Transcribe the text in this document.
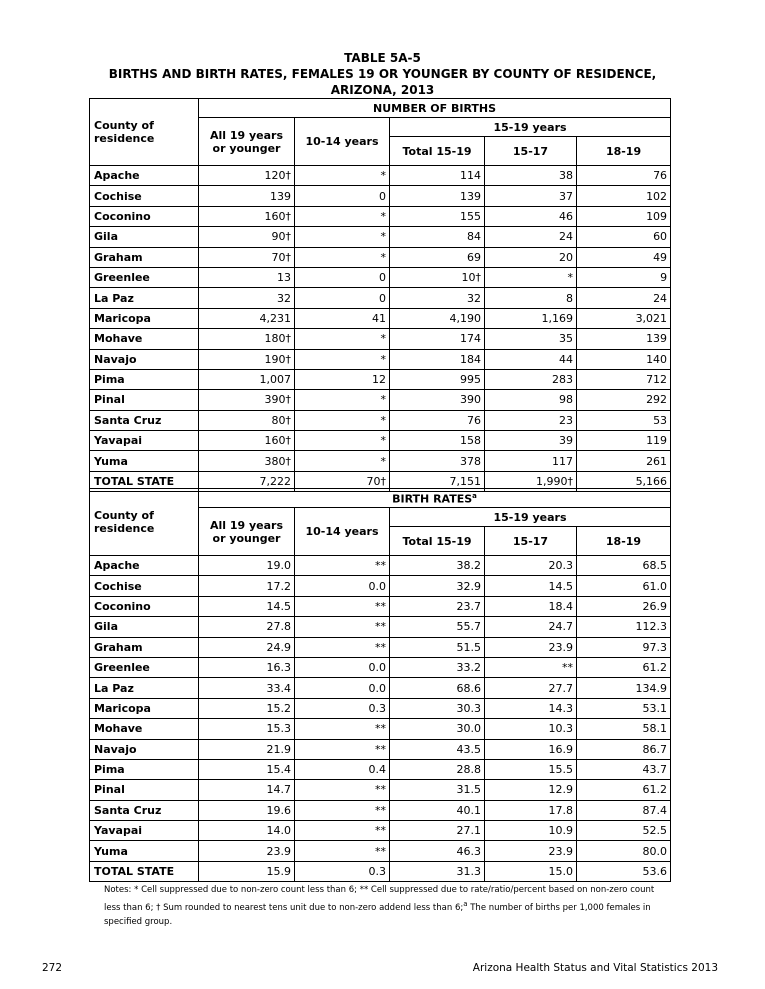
TABLE 5A-5
BIRTHS AND BIRTH RATES, FEMALES 19 OR YOUNGER BY COUNTY OF RESIDENCE,
ARIZONA, 2013
County of residence	NUMBER OF BIRTHS				
	All 19 years or younger	10-14 years	15-19 years		
			Total 15-19	15-17	18-19
Apache	120†	*	114	38	76
Cochise	139	0	139	37	102
Coconino	160†	*	155	46	109
Gila	90†	*	84	24	60
Graham	70†	*	69	20	49
Greenlee	13	0	10†	*	9
La Paz	32	0	32	8	24
Maricopa	4,231	41	4,190	1,169	3,021
Mohave	180†	*	174	35	139
Navajo	190†	*	184	44	140
Pima	1,007	12	995	283	712
Pinal	390†	*	390	98	292
Santa Cruz	80†	*	76	23	53
Yavapai	160†	*	158	39	119
Yuma	380†	*	378	117	261
TOTAL STATE	7,222	70†	7,151	1,990†	5,166
County of residence	BIRTH RATES$^a$
	All 19 years or younger	10-14 years	15-19 years		
			Total 15-19	15-17	18-19
Apache	19.0	**	38.2	20.3	68.5
Cochise	17.2	0.0	32.9	14.5	61.0
Coconino	14.5	**	23.7	18.4	26.9
Gila	27.8	**	55.7	24.7	112.3
Graham	24.9	**	51.5	23.9	97.3
Greenlee	16.3	0.0	33.2	**	61.2
La Paz	33.4	0.0	68.6	27.7	134.9
Maricopa	15.2	0.3	30.3	14.3	53.1
Mohave	15.3	**	30.0	10.3	58.1
Navajo	21.9	**	43.5	16.9	86.7
Pima	15.4	0.4	28.8	15.5	43.7
Pinal	14.7	**	31.5	12.9	61.2
Santa Cruz	19.6	**	40.1	17.8	87.4
Yavapai	14.0	**	27.1	10.9	52.5
Yuma	23.9	**	46.3	23.9	80.0
TOTAL STATE	15.9	0.3	31.3	15.0	53.6
Notes: * Cell suppressed due to non-zero count less than 6; ** Cell suppressed due to rate/ratio/percent based on non-zero count less than 6; † Sum rounded to nearest tens unit due to non-zero addend less than 6;$^a$ The number of births per 1,000 females in specified group.
272	Arizona Health Status and Vital Statistics 2013
